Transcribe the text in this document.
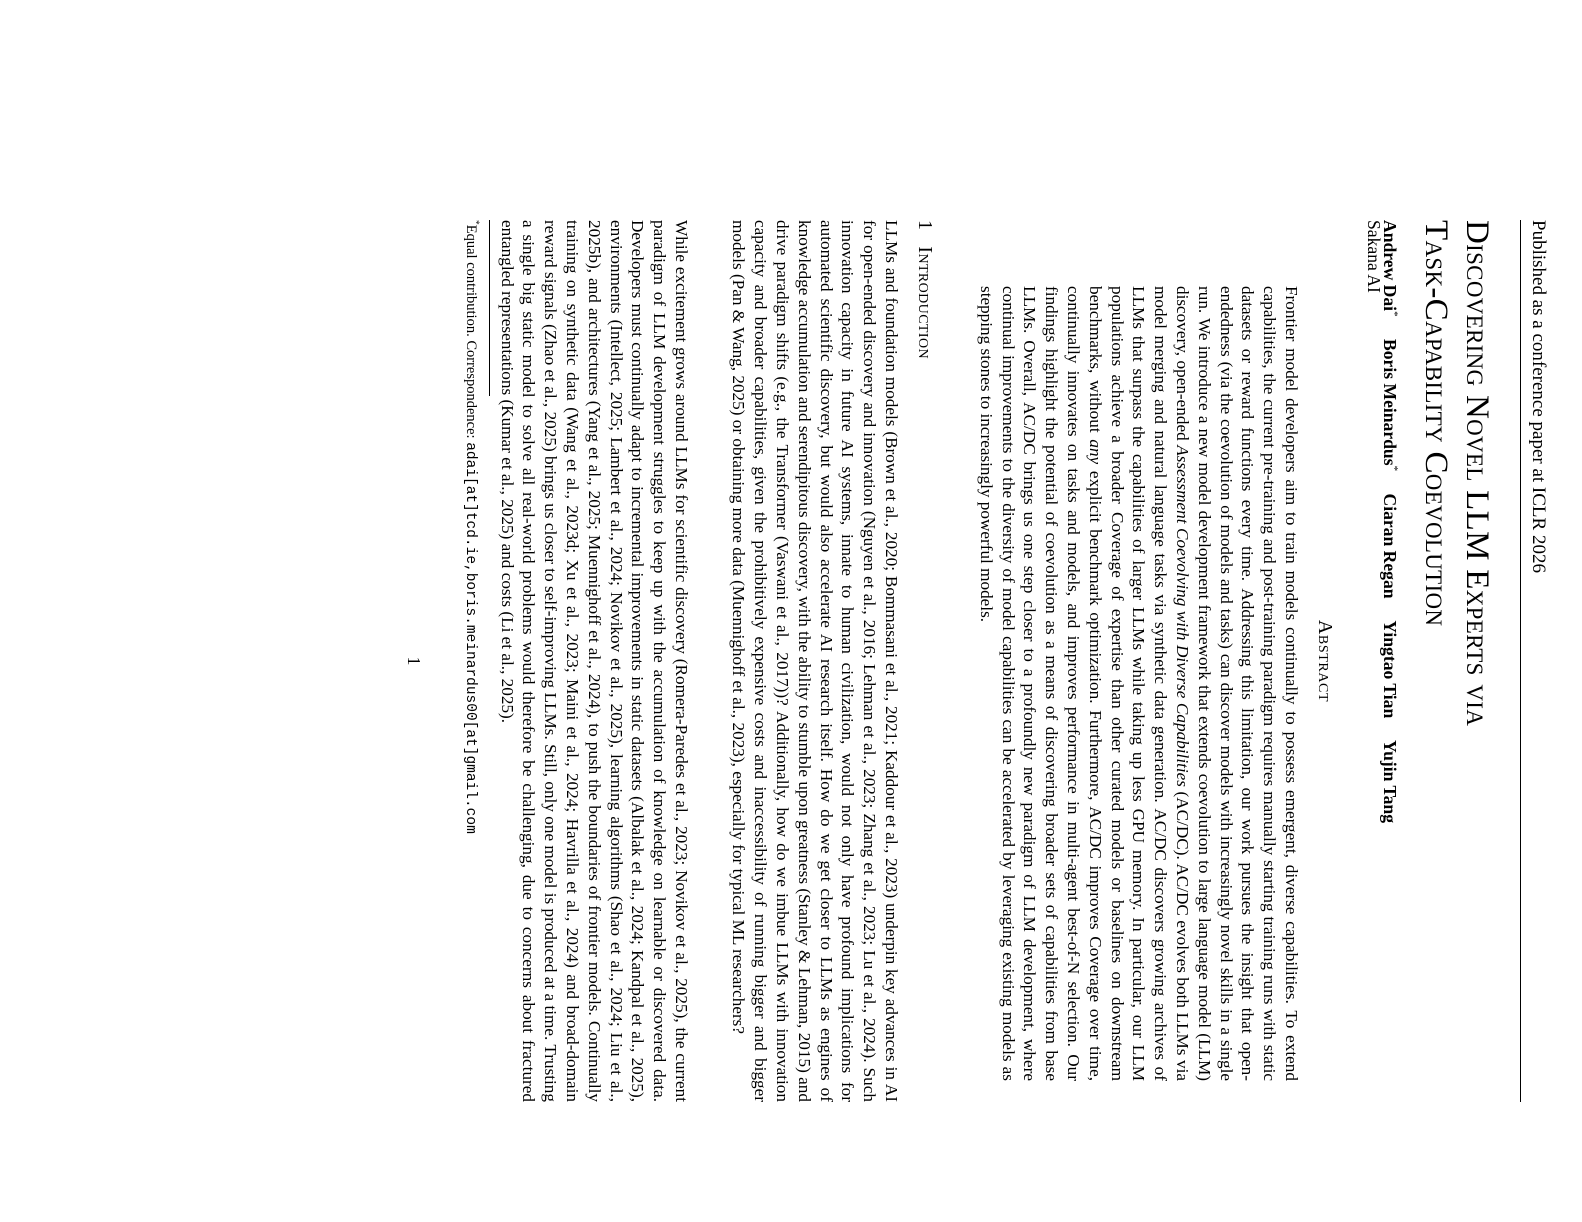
Published as a conference paper at ICLR 2026
Discovering Novel LLM Experts via
Task-Capability Coevolution
Andrew Dai* Boris Meinardus* Ciaran Regan Yingtao Tian Yujin Tang
Sakana AI
Abstract

Frontier model developers aim to train models continually to possess emergent, diverse capabilities. To extend capabilities, the current pre-training and post-training paradigm requires manually starting training runs with static datasets or reward functions every time. Addressing this limitation, our work pursues the insight that open-endedness (via the coevolution of models and tasks) can discover models with increasingly novel skills in a single run. We introduce a new model development framework that extends coevolution to large language model (LLM) discovery, open-ended Assessment Coevolving with Diverse Capabilities (AC/DC). AC/DC evolves both LLMs via model merging and natural language tasks via synthetic data generation. AC/DC discovers growing archives of LLMs that surpass the capabilities of larger LLMs while taking up less GPU memory. In particular, our LLM populations achieve a broader Coverage of expertise than other curated models or baselines on downstream benchmarks, without any explicit benchmark optimization. Furthermore, AC/DC improves Coverage over time, continually innovates on tasks and models, and improves performance in multi-agent best-of-N selection. Our findings highlight the potential of coevolution as a means of discovering broader sets of capabilities from base LLMs. Overall, AC/DC brings us one step closer to a profoundly new paradigm of LLM development, where continual improvements to the diversity of model capabilities can be accelerated by leveraging existing models as stepping stones to increasingly powerful models.

1Introduction

LLMs and foundation models (Brown et al., 2020; Bommasani et al., 2021; Kaddour et al., 2023) underpin key advances in AI for open-ended discovery and innovation (Nguyen et al., 2016; Lehman et al., 2023; Zhang et al., 2023; Lu et al., 2024). Such innovation capacity in future AI systems, innate to human civilization, would not only have profound implications for automated scientific discovery, but would also accelerate AI research itself. How do we get closer to LLMs as engines of knowledge accumulation and serendipitous discovery, with the ability to stumble upon greatness (Stanley & Lehman, 2015) and drive paradigm shifts (e.g., the Transformer (Vaswani et al., 2017))? Additionally, how do we imbue LLMs with innovation capacity and broader capabilities, given the prohibitively expensive costs and inaccessibility of running bigger and bigger models (Pan & Wang, 2025) or obtaining more data (Muennighoff et al., 2023), especially for typical ML researchers?

While excitement grows around LLMs for scientific discovery (Romera-Paredes et al., 2023; Novikov et al., 2025), the current paradigm of LLM development struggles to keep up with the accumulation of knowledge on learnable or discovered data. Developers must continually adapt to incremental improvements in static datasets (Albalak et al., 2024; Kandpal et al., 2025), environments (Intellect, 2025; Lambert et al., 2024; Novikov et al., 2025), learning algorithms (Shao et al., 2024; Liu et al., 2025b), and architectures (Yang et al., 2025; Muennighoff et al., 2024), to push the boundaries of frontier models. Continually training on synthetic data (Wang et al., 2023d; Xu et al., 2023; Maini et al., 2024; Havrilla et al., 2024) and broad-domain reward signals (Zhao et al., 2025) brings us closer to self-improving LLMs. Still, only one model is produced at a time. Trusting a single big static model to solve all real-world problems would therefore be challenging, due to concerns about fractured entangled representations (Kumar et al., 2025) and costs (Li et al., 2025).

*Equal contribution. Correspondence: adai[at]tcd.ie,boris.meinardus00[at]gmail.com
1
